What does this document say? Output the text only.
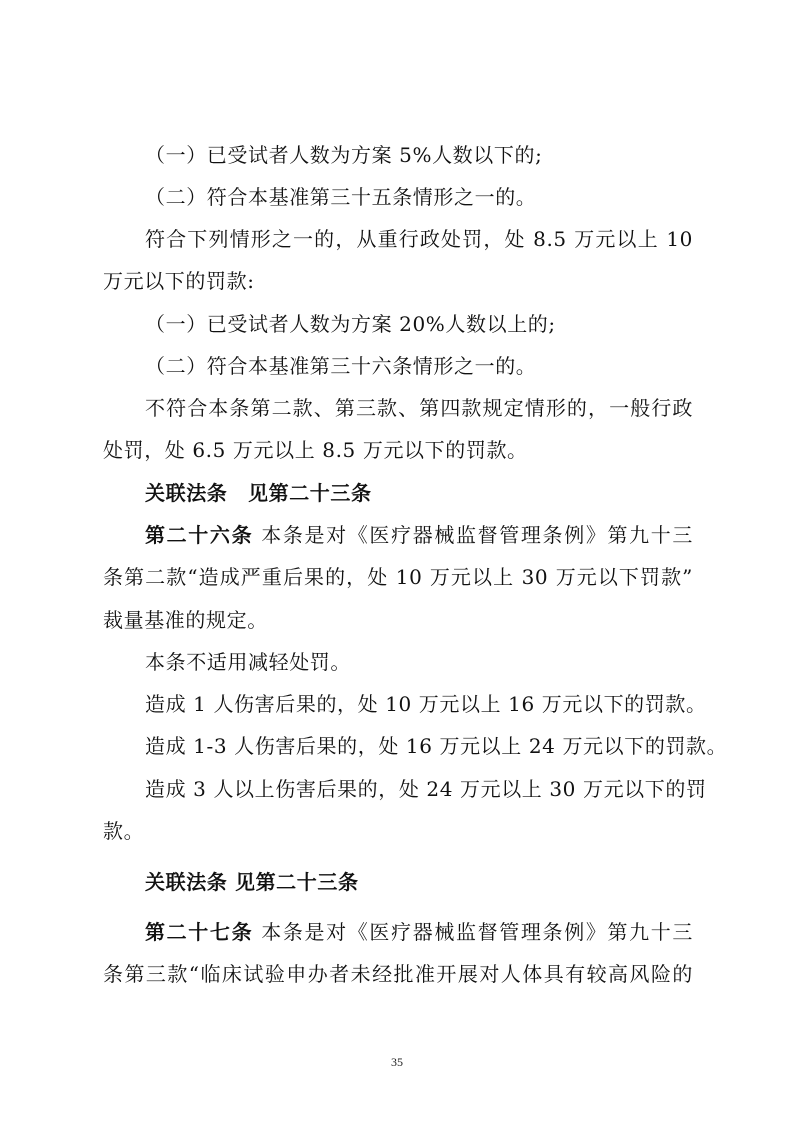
（一）已受试者人数为方案 5%人数以下的;
（二）符合本基准第三十五条情形之一的。
符合下列情形之一的，从重行政处罚，处 8.5 万元以上 10
万元以下的罚款:
（一）已受试者人数为方案 20%人数以上的;
（二）符合本基准第三十六条情形之一的。
不符合本条第二款、第三款、第四款规定情形的，一般行政
处罚，处 6.5 万元以上 8.5 万元以下的罚款。
关联法条　见第二十三条
第二十六条 本条是对《医疗器械监督管理条例》第九十三
条第二款“造成严重后果的，处 10 万元以上 30 万元以下罚款”
裁量基准的规定。
本条不适用减轻处罚。
造成 1 人伤害后果的，处 10 万元以上 16 万元以下的罚款。
造成 1-3 人伤害后果的，处 16 万元以上 24 万元以下的罚款。
造成 3 人以上伤害后果的，处 24 万元以上 30 万元以下的罚
款。
关联法条 见第二十三条
第二十七条 本条是对《医疗器械监督管理条例》第九十三
条第三款“临床试验申办者未经批准开展对人体具有较高风险的
35
